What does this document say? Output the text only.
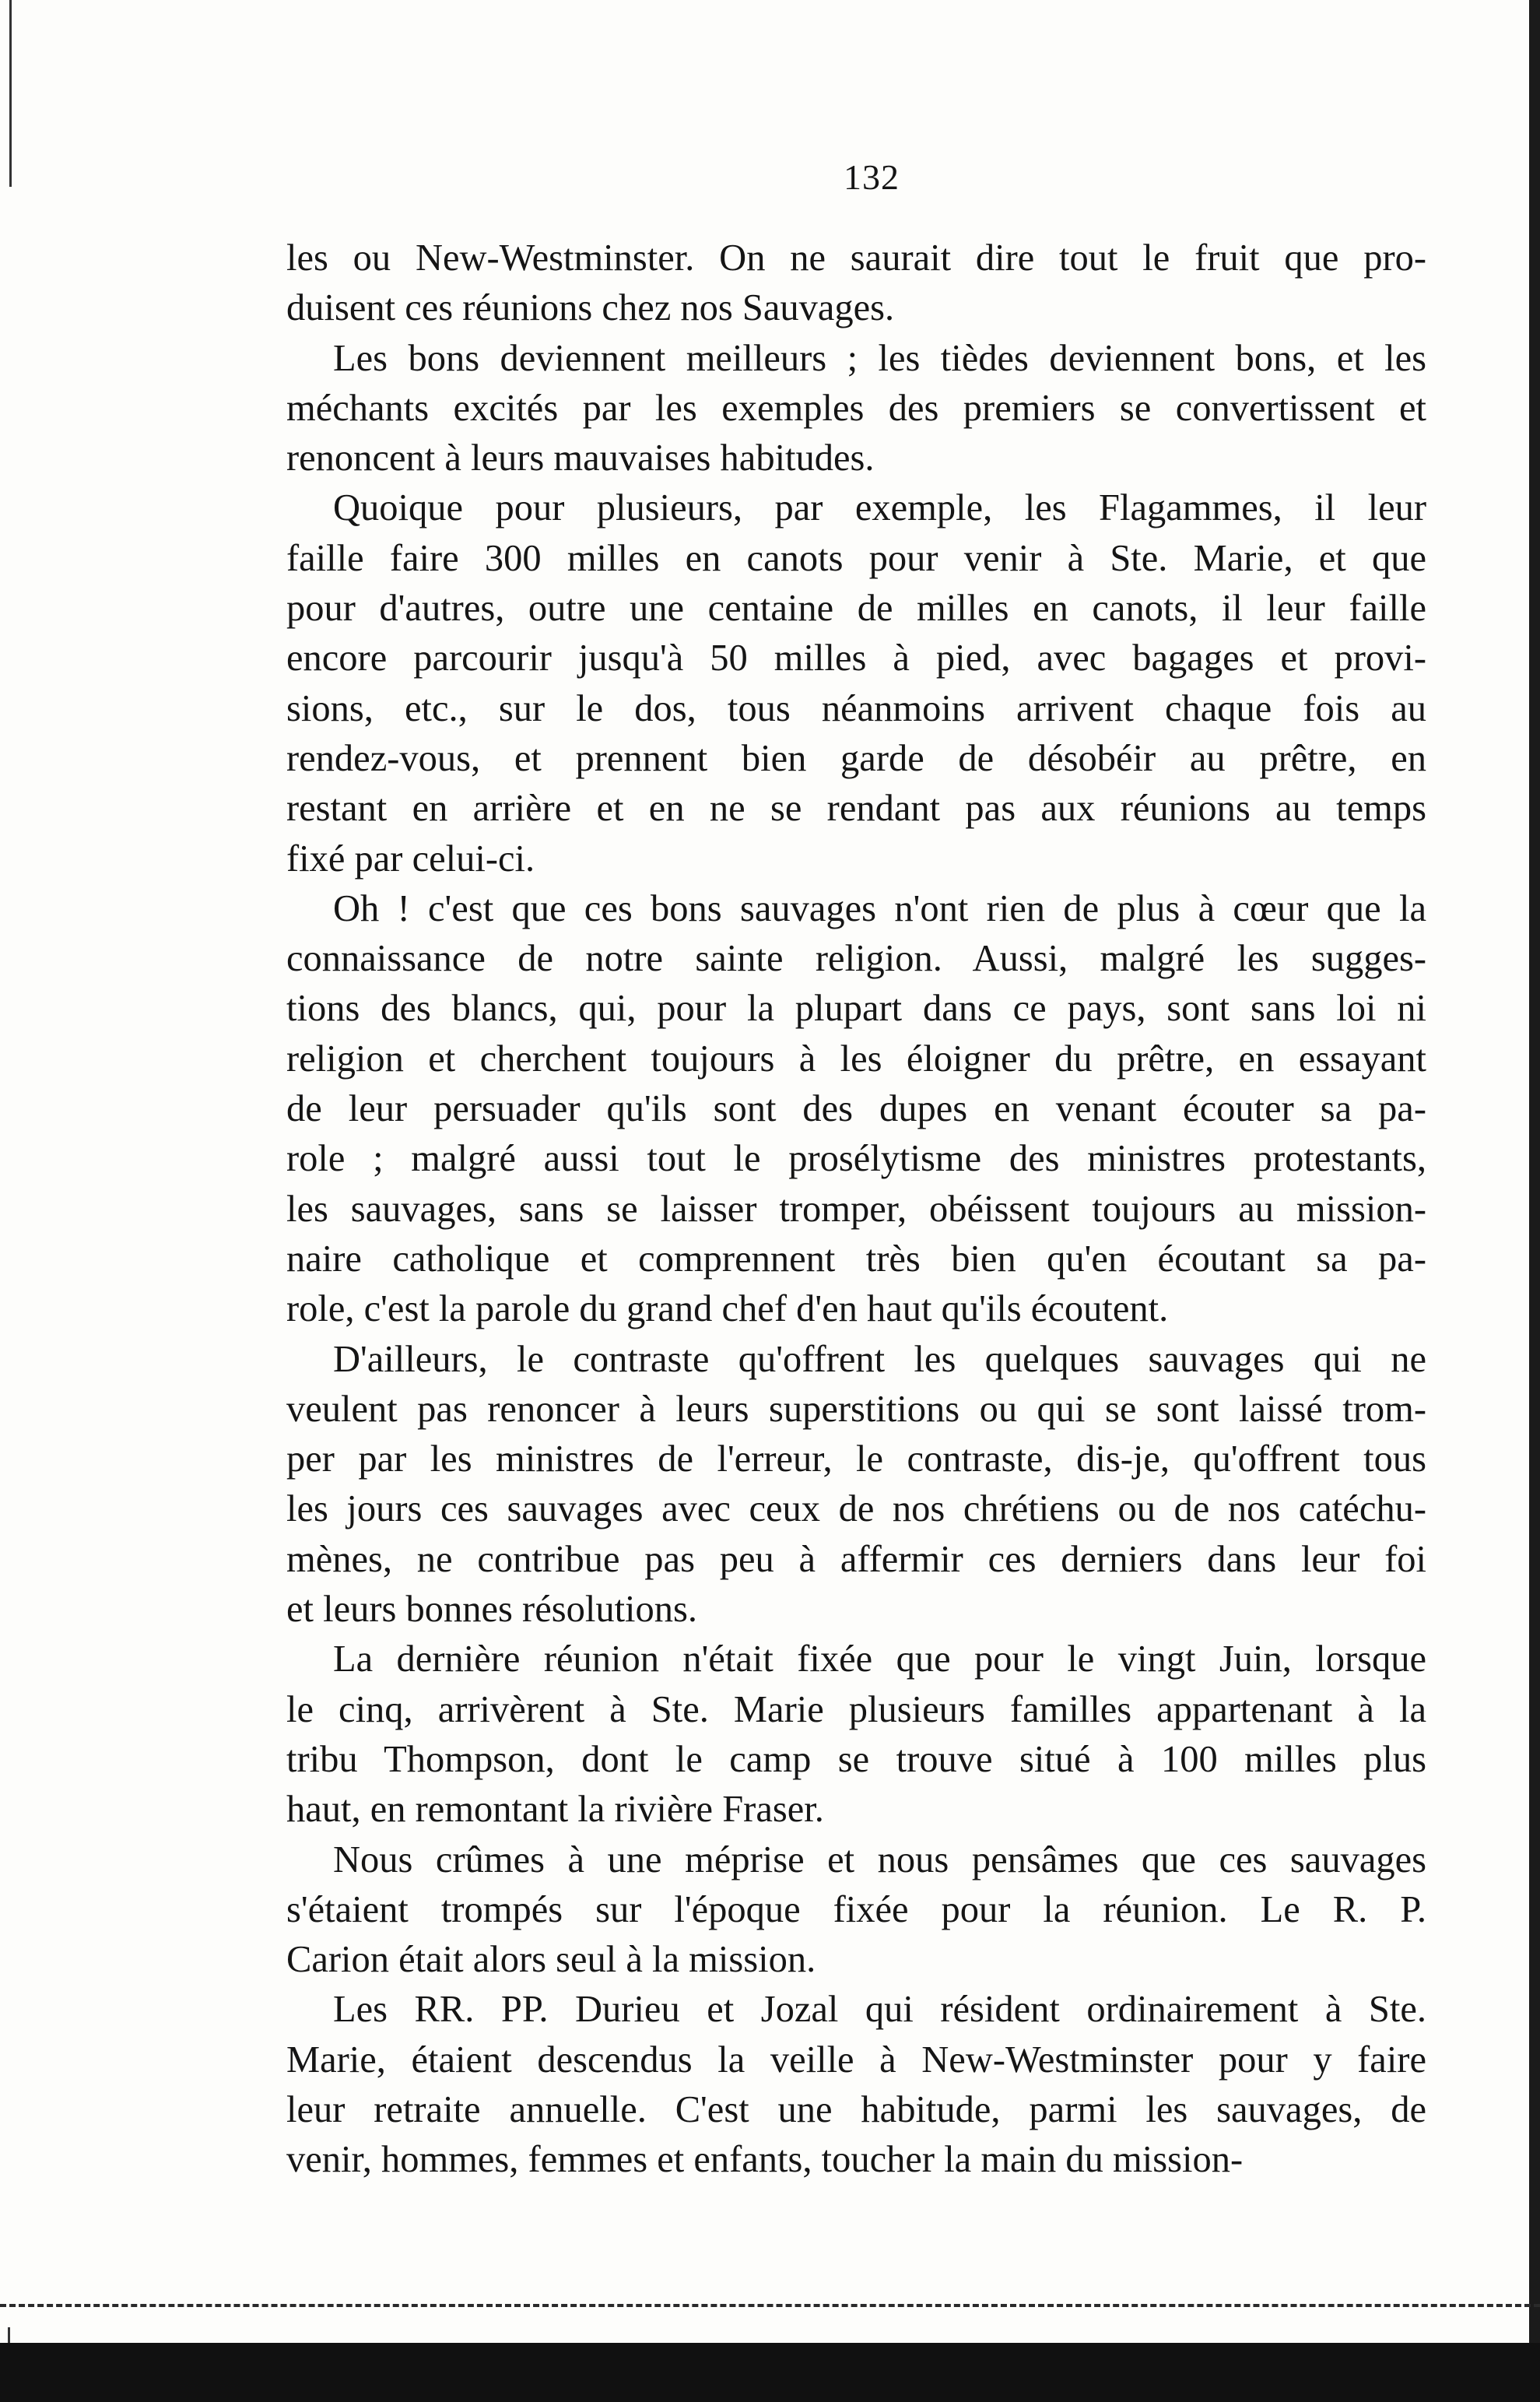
132

les ou New-Westminster. On ne saurait dire tout le fruit que pro-
duisent ces réunions chez nos Sauvages.

Les bons deviennent meilleurs ; les tièdes deviennent bons, et les
méchants excités par les exemples des premiers se convertissent et
renoncent à leurs mauvaises habitudes.

Quoique pour plusieurs, par exemple, les Flagammes, il leur
faille faire 300 milles en canots pour venir à Ste. Marie, et que
pour d'autres, outre une centaine de milles en canots, il leur faille
encore parcourir jusqu'à 50 milles à pied, avec bagages et provi-
sions, etc., sur le dos, tous néanmoins arrivent chaque fois au
rendez-vous, et prennent bien garde de désobéir au prêtre, en
restant en arrière et en ne se rendant pas aux réunions au temps
fixé par celui-ci.

Oh ! c'est que ces bons sauvages n'ont rien de plus à cœur que la
connaissance de notre sainte religion. Aussi, malgré les sugges-
tions des blancs, qui, pour la plupart dans ce pays, sont sans loi ni
religion et cherchent toujours à les éloigner du prêtre, en essayant
de leur persuader qu'ils sont des dupes en venant écouter sa pa-
role ; malgré aussi tout le prosélytisme des ministres protestants,
les sauvages, sans se laisser tromper, obéissent toujours au mission-
naire catholique et comprennent très bien qu'en écoutant sa pa-
role, c'est la parole du grand chef d'en haut qu'ils écoutent.

D'ailleurs, le contraste qu'offrent les quelques sauvages qui ne
veulent pas renoncer à leurs superstitions ou qui se sont laissé trom-
per par les ministres de l'erreur, le contraste, dis-je, qu'offrent tous
les jours ces sauvages avec ceux de nos chrétiens ou de nos catéchu-
mènes, ne contribue pas peu à affermir ces derniers dans leur foi
et leurs bonnes résolutions.

La dernière réunion n'était fixée que pour le vingt Juin, lorsque
le cinq, arrivèrent à Ste. Marie plusieurs familles appartenant à la
tribu Thompson, dont le camp se trouve situé à 100 milles plus
haut, en remontant la rivière Fraser.

Nous crûmes à une méprise et nous pensâmes que ces sauvages
s'étaient trompés sur l'époque fixée pour la réunion. Le R. P.
Carion était alors seul à la mission.

Les RR. PP. Durieu et Jozal qui résident ordinairement à Ste.
Marie, étaient descendus la veille à New-Westminster pour y faire
leur retraite annuelle. C'est une habitude, parmi les sauvages, de
venir, hommes, femmes et enfants, toucher la main du mission-
